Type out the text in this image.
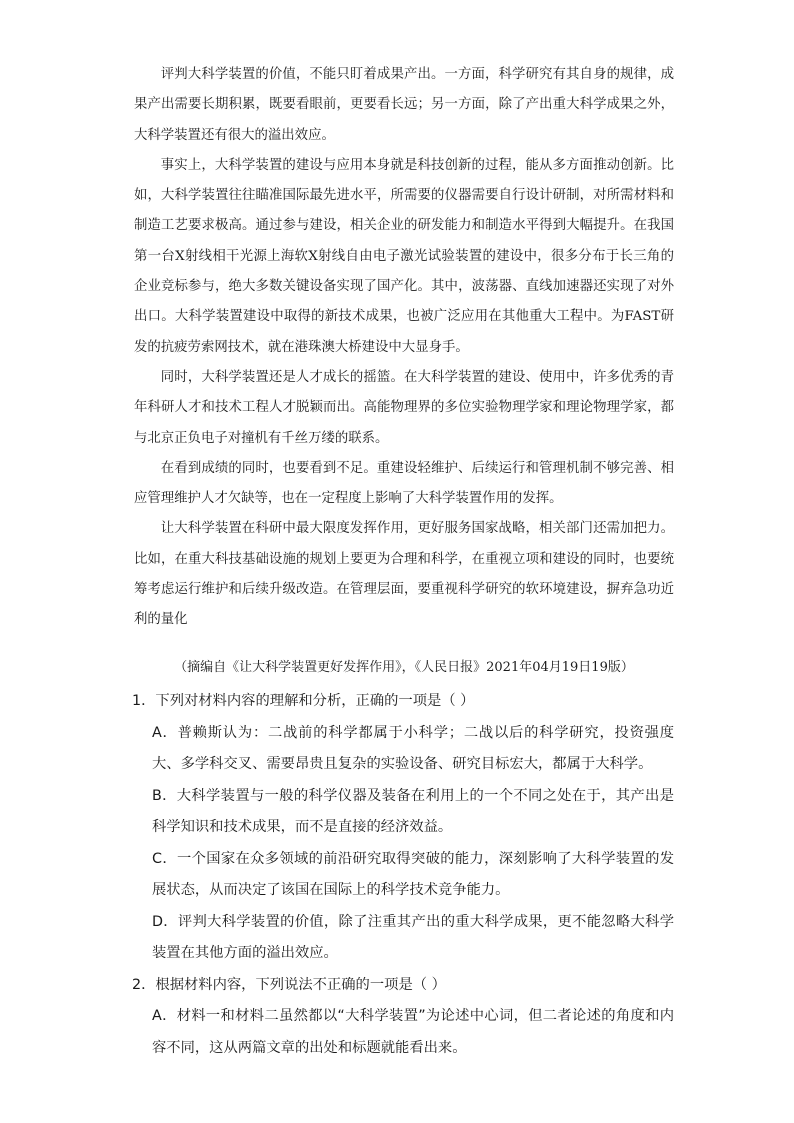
评判大科学装置的价值，不能只盯着成果产出。一方面，科学研究有其自身的规律，成果产出需要长期积累，既要看眼前，更要看长远；另一方面，除了产出重大科学成果之外，大科学装置还有很大的溢出效应。

事实上，大科学装置的建设与应用本身就是科技创新的过程，能从多方面推动创新。比如，大科学装置往往瞄准国际最先进水平，所需要的仪器需要自行设计研制，对所需材料和制造工艺要求极高。通过参与建设，相关企业的研发能力和制造水平得到大幅提升。在我国第一台X射线相干光源上海软X射线自由电子激光试验装置的建设中，很多分布于长三角的企业竞标参与，绝大多数关键设备实现了国产化。其中，波荡器、直线加速器还实现了对外出口。大科学装置建设中取得的新技术成果，也被广泛应用在其他重大工程中。为FAST研发的抗疲劳索网技术，就在港珠澳大桥建设中大显身手。

同时，大科学装置还是人才成长的摇篮。在大科学装置的建设、使用中，许多优秀的青年科研人才和技术工程人才脱颖而出。高能物理界的多位实验物理学家和理论物理学家，都与北京正负电子对撞机有千丝万缕的联系。

在看到成绩的同时，也要看到不足。重建设轻维护、后续运行和管理机制不够完善、相应管理维护人才欠缺等，也在一定程度上影响了大科学装置作用的发挥。

让大科学装置在科研中最大限度发挥作用，更好服务国家战略，相关部门还需加把力。比如，在重大科技基础设施的规划上要更为合理和科学，在重视立项和建设的同时，也要统筹考虑运行维护和后续升级改造。在管理层面，要重视科学研究的软环境建设，摒弃急功近利的量化

（摘编自《让大科学装置更好发挥作用》，《人民日报》2021年04月19日19版）

1．下列对材料内容的理解和分析，正确的一项是（ ）

A．普赖斯认为：二战前的科学都属于小科学；二战以后的科学研究，投资强度大、多学科交叉、需要昂贵且复杂的实验设备、研究目标宏大，都属于大科学。

B．大科学装置与一般的科学仪器及装备在利用上的一个不同之处在于，其产出是科学知识和技术成果，而不是直接的经济效益。

C．一个国家在众多领域的前沿研究取得突破的能力，深刻影响了大科学装置的发展状态，从而决定了该国在国际上的科学技术竞争能力。

D．评判大科学装置的价值，除了注重其产出的重大科学成果，更不能忽略大科学装置在其他方面的溢出效应。

2．根据材料内容，下列说法不正确的一项是（ ）

A．材料一和材料二虽然都以“大科学装置”为论述中心词，但二者论述的角度和内容不同，这从两篇文章的出处和标题就能看出来。
